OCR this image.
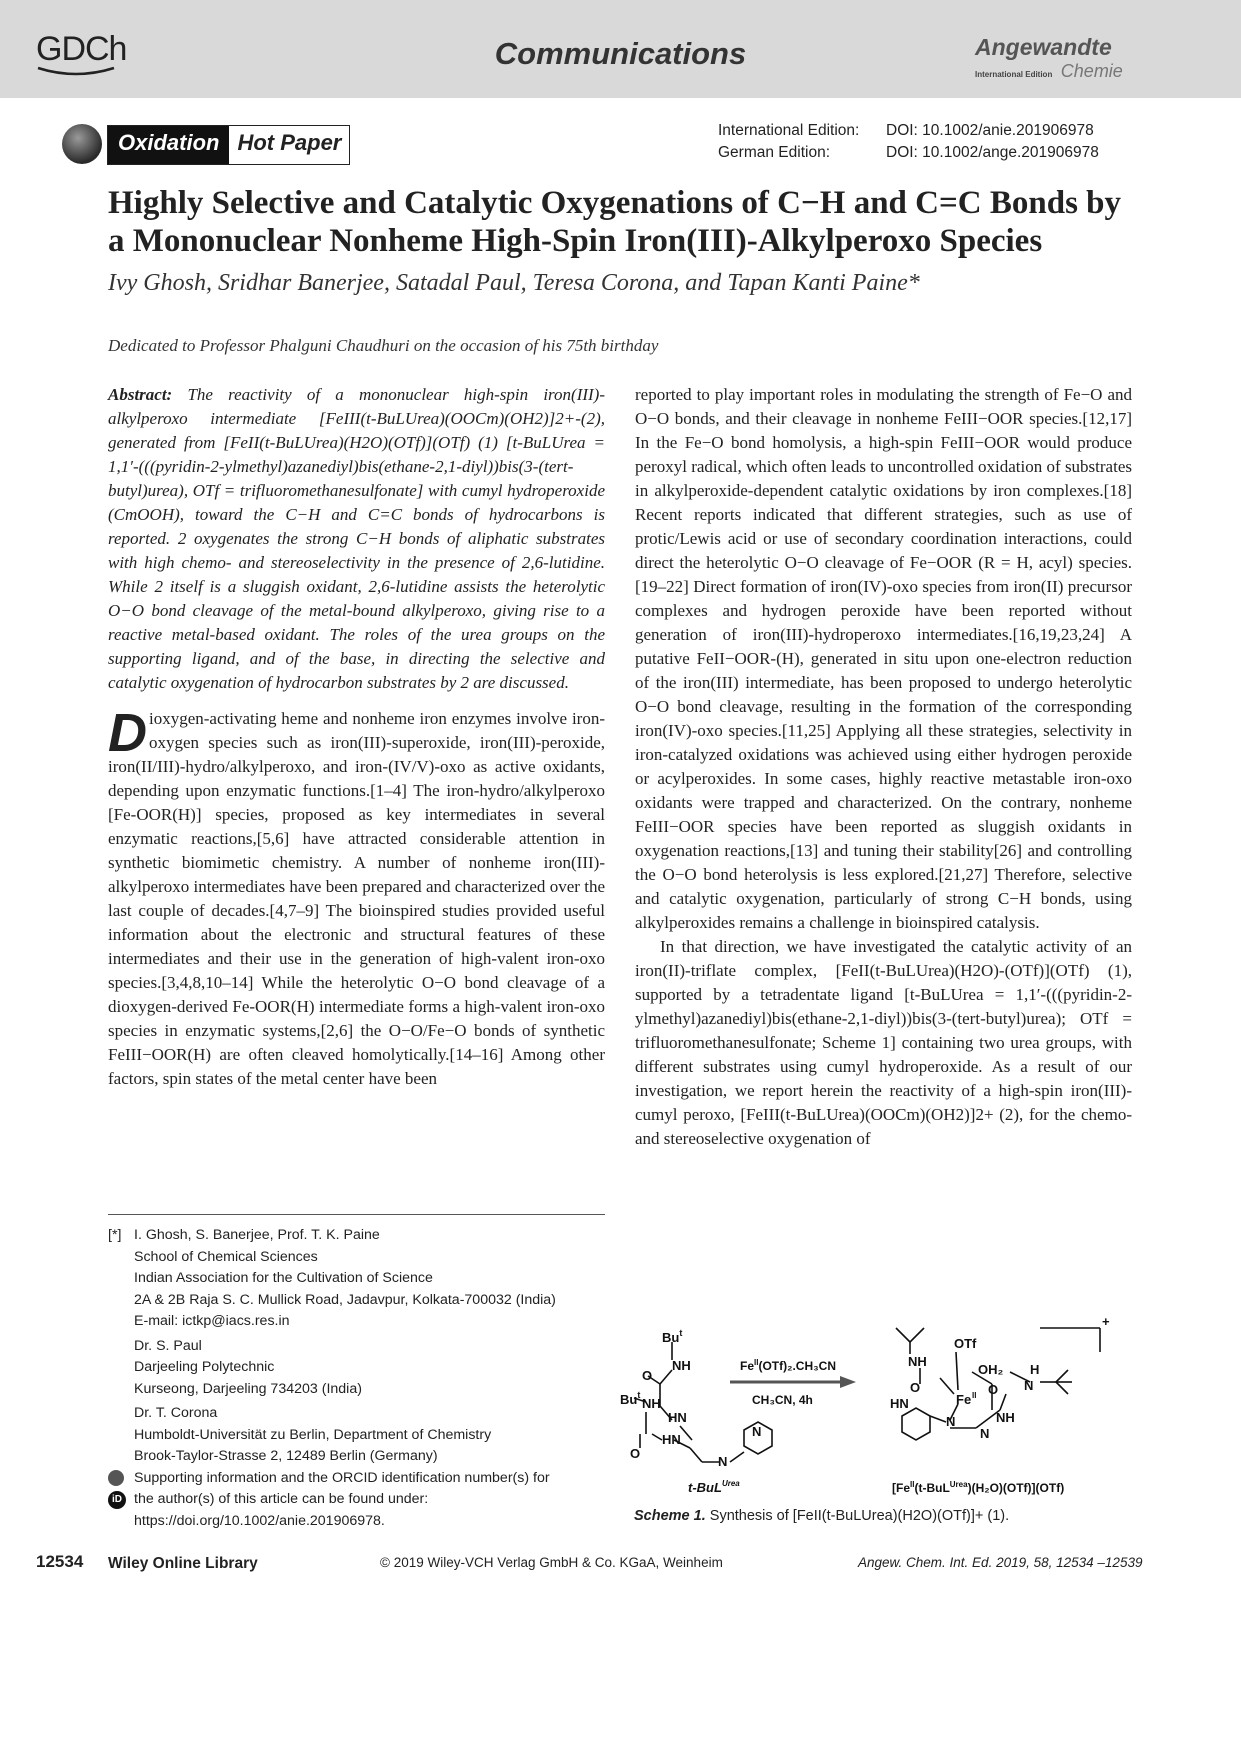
GDCh	Communications	Angewandte
International Edition Chemie
Oxidation Hot Paper	International Edition: DOI: 10.1002/anie.201906978
German Edition:	DOI: 10.1002/ange.201906978
Highly Selective and Catalytic Oxygenations of C−H and C=C Bonds by a Mononuclear Nonheme High-Spin Iron(III)-Alkylperoxo Species
Ivy Ghosh, Sridhar Banerjee, Satadal Paul, Teresa Corona, and Tapan Kanti Paine*
Dedicated to Professor Phalguni Chaudhuri on the occasion of his 75th birthday
Abstract: The reactivity of a mononuclear high-spin iron(III)-alkylperoxo intermediate [FeIII(t-BuLUrea)(OOCm)(OH2)]2+-(2), generated from [FeII(t-BuLUrea)(H2O)(OTf)](OTf) (1) [t-BuLUrea = 1,1′-(((pyridin-2-ylmethyl)azanediyl)bis(ethane-2,1-diyl))bis(3-(tert-butyl)urea), OTf = trifluoromethanesulfonate] with cumyl hydroperoxide (CmOOH), toward the C−H and C=C bonds of hydrocarbons is reported. 2 oxygenates the strong C−H bonds of aliphatic substrates with high chemo- and stereoselectivity in the presence of 2,6-lutidine. While 2 itself is a sluggish oxidant, 2,6-lutidine assists the heterolytic O−O bond cleavage of the metal-bound alkylperoxo, giving rise to a reactive metal-based oxidant. The roles of the urea groups on the supporting ligand, and of the base, in directing the selective and catalytic oxygenation of hydrocarbon substrates by 2 are discussed.
Dioxygen-activating heme and nonheme iron enzymes involve iron-oxygen species such as iron(III)-superoxide, iron(III)-peroxide, iron(II/III)-hydro/alkylperoxo, and iron-(IV/V)-oxo as active oxidants, depending upon enzymatic functions.[1–4] The iron-hydro/alkylperoxo [Fe-OOR(H)] species, proposed as key intermediates in several enzymatic reactions,[5,6] have attracted considerable attention in synthetic biomimetic chemistry. A number of nonheme iron(III)-alkylperoxo intermediates have been prepared and characterized over the last couple of decades.[4,7–9] The bioinspired studies provided useful information about the electronic and structural features of these intermediates and their use in the generation of high-valent iron-oxo species.[3,4,8,10–14] While the heterolytic O−O bond cleavage of a dioxygen-derived Fe-OOR(H) intermediate forms a high-valent iron-oxo species in enzymatic systems,[2,6] the O−O/Fe−O bonds of synthetic FeIII−OOR(H) are often cleaved homolytically.[14–16] Among other factors, spin states of the metal center have been
reported to play important roles in modulating the strength of Fe−O and O−O bonds, and their cleavage in nonheme FeIII−OOR species.[12,17] In the Fe−O bond homolysis, a high-spin FeIII−OOR would produce peroxyl radical, which often leads to uncontrolled oxidation of substrates in alkylperoxide-dependent catalytic oxidations by iron complexes.[18] Recent reports indicated that different strategies, such as use of protic/Lewis acid or use of secondary coordination interactions, could direct the heterolytic O−O cleavage of Fe−OOR (R = H, acyl) species.[19–22] Direct formation of iron(IV)-oxo species from iron(II) precursor complexes and hydrogen peroxide have been reported without generation of iron(III)-hydroperoxo intermediates.[16,19,23,24] A putative FeII−OOR-(H), generated in situ upon one-electron reduction of the iron(III) intermediate, has been proposed to undergo heterolytic O−O bond cleavage, resulting in the formation of the corresponding iron(IV)-oxo species.[11,25] Applying all these strategies, selectivity in iron-catalyzed oxidations was achieved using either hydrogen peroxide or acylperoxides. In some cases, highly reactive metastable iron-oxo oxidants were trapped and characterized. On the contrary, nonheme FeIII−OOR species have been reported as sluggish oxidants in oxygenation reactions,[13] and tuning their stability[26] and controlling the O−O bond heterolysis is less explored.[21,27] Therefore, selective and catalytic oxygenation, particularly of strong C−H bonds, using alkylperoxides remains a challenge in bioinspired catalysis.
In that direction, we have investigated the catalytic activity of an iron(II)-triflate complex, [FeII(t-BuLUrea)(H2O)-(OTf)](OTf) (1), supported by a tetradentate ligand [t-BuLUrea = 1,1′-(((pyridin-2-ylmethyl)azanediyl)bis(ethane-2,1-diyl))bis(3-(tert-butyl)urea); OTf = trifluoromethanesulfonate; Scheme 1] containing two urea groups, with different substrates using cumyl hydroperoxide. As a result of our investigation, we report herein the reactivity of a high-spin iron(III)-cumyl peroxo, [FeIII(t-BuLUrea)(OOCm)(OH2)]2+ (2), for the chemo- and stereoselective oxygenation of
[*] I. Ghosh, S. Banerjee, Prof. T. K. Paine
School of Chemical Sciences
Indian Association for the Cultivation of Science
2A & 2B Raja S. C. Mullick Road, Jadavpur, Kolkata-700032 (India)
E-mail: ictkp@iacs.res.in
Dr. S. Paul
Darjeeling Polytechnic
Kurseong, Darjeeling 734203 (India)
Dr. T. Corona
Humboldt-Universität zu Berlin, Department of Chemistry
Brook-Taylor-Strasse 2, 12489 Berlin (Germany)
Supporting information and the ORCID identification number(s) for
iD the author(s) of this article can be found under:
https://doi.org/10.1002/anie.201906978.
Bu$^t$
NH
O
Bu$^t$
NH
O
HN
HN
N
N
t-BuL$^{Urea}$
$Fe^{II}(OTf)_2.CH_3CN$
CH₃CN, 4h
NH
O
HN
OTf
Fe II
OH₂
O
H
N
NH
N
N
+
$[Fe^{II}(t-BuL^{Urea})(H_2O)(OTf)](OTf)$
Scheme 1. Synthesis of [FeII(t-BuLUrea)(H2O)(OTf)]+ (1).
12534 Wiley Online Library	© 2019 Wiley-VCH Verlag GmbH & Co. KGaA, Weinheim	Angew. Chem. Int. Ed. 2019, 58, 12534 –12539
